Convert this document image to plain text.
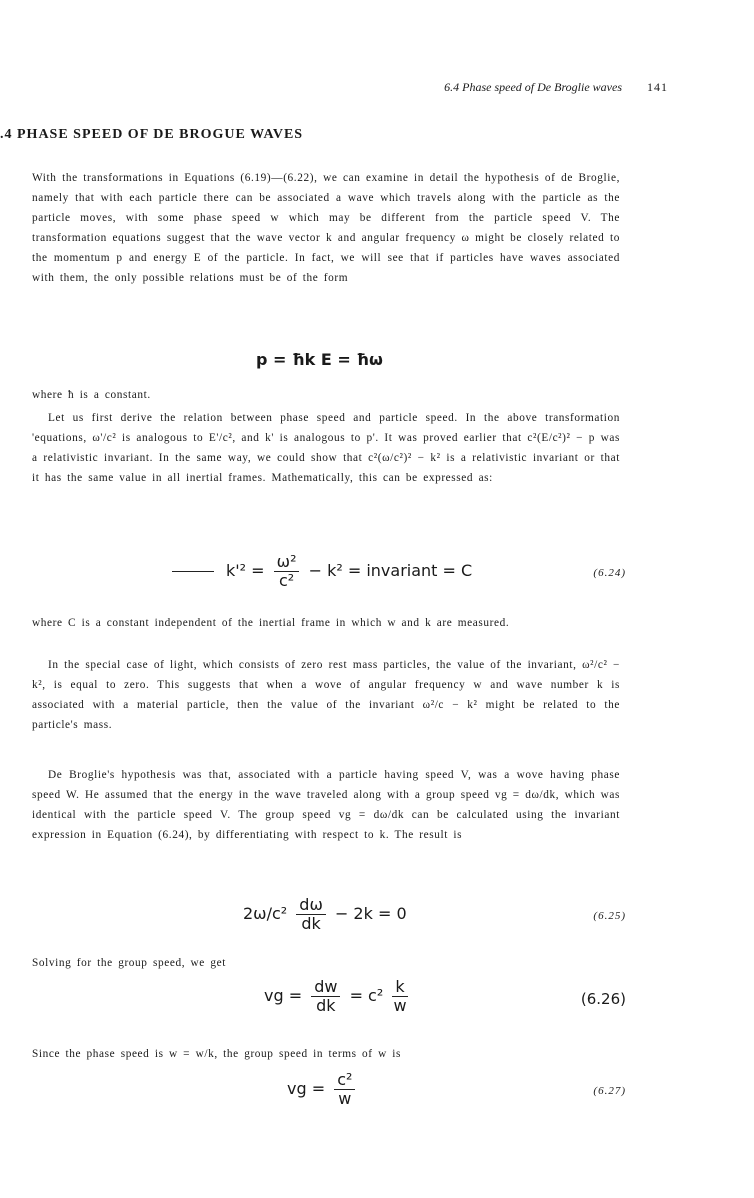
6.4 Phase speed of De Broglie waves 141
.4 PHASE SPEED OF DE BROGUE WAVES

With the transformations in Equations (6.19)—(6.22), we can examine in detail the hypothesis of de Broglie, namely that with each particle there can be associated a wave which travels along with the particle as the particle moves, with some phase speed w which may be different from the particle speed V. The transformation equations suggest that the wave vector k and angular frequency ω might be closely related to the momentum p and energy E of the particle. In fact, we will see that if particles have waves associated with them, the only possible relations must be of the form

p = ħk E = ħω

where ħ is a constant.

Let us first derive the relation between phase speed and particle speed. In the above transformation 'equations, ω'/c² is analogous to E'/c², and k' is analogous to p'. It was proved earlier that c²(E/c²)² − p was a relativistic invariant. In the same way, we could show that c²(ω/c²)² − k² is a relativistic invariant or that it has the same value in all inertial frames. Mathematically, this can be expressed as:

$k'^2 = \frac{\text{ω²}}{\text{c²}} - k^2$ = invariant = C	(6.24)

where C is a constant independent of the inertial frame in which w and k are measured.

In the special case of light, which consists of zero rest mass particles, the value of the invariant, ω²/c² − k², is equal to zero. This suggests that when a wove of angular frequency w and wave number k is associated with a material particle, then the value of the invariant ω²/c − k² might be related to the particle's mass.

De Broglie's hypothesis was that, associated with a particle having speed V, was a wove having phase speed W. He assumed that the energy in the wave traveled along with a group speed vg = dω/dk, which was identical with the particle speed V. The group speed vg = dω/dk can be calculated using the invariant expression in Equation (6.24), by differentiating with respect to k. The result is

$2\omega/c^2 \frac{d\omega}{dk} - 2k = 0$	(6.25)

Solving for the group speed, we get

vg = $\frac{dw}{dk} = c^2 \frac{k}{w}$	(6.26)

Since the phase speed is w = w/k, the group speed in terms of w is

vg = $\frac{\text{c²}}{w}$	(6.27)
